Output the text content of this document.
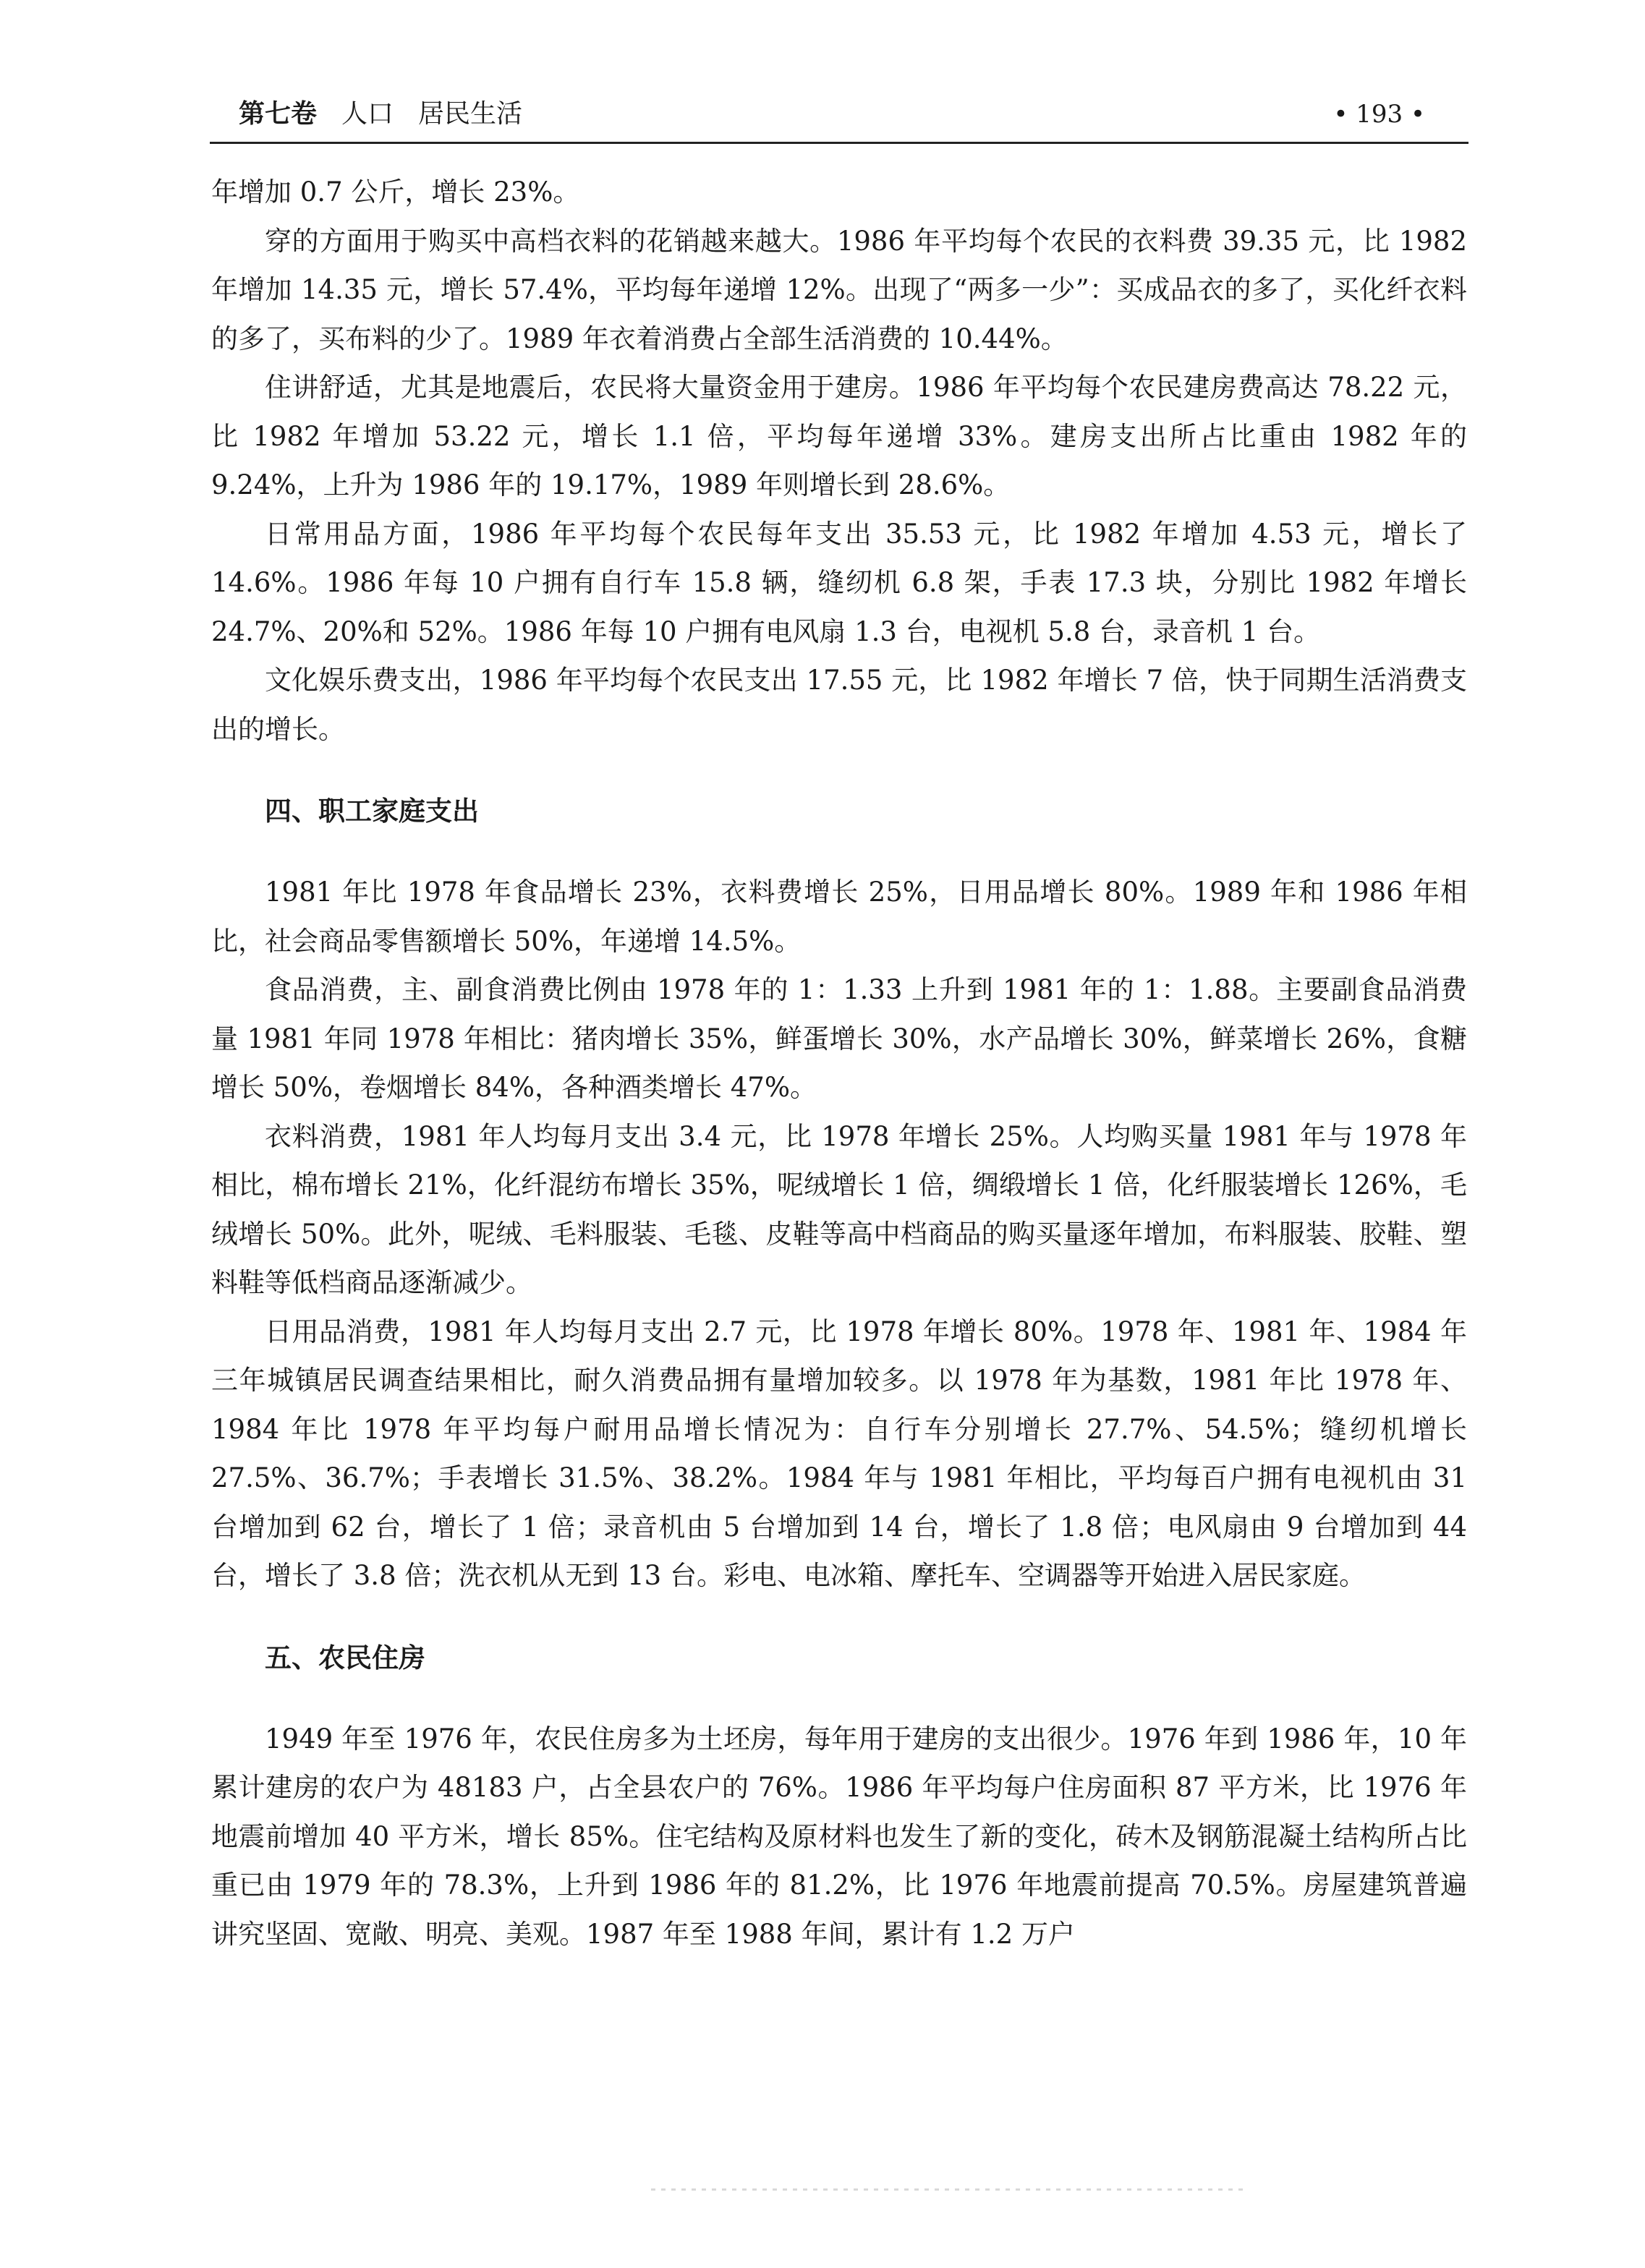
第七卷 人口 居民生活	• 193 •

年增加 0.7 公斤，增长 23%。

穿的方面用于购买中高档衣料的花销越来越大。1986 年平均每个农民的衣料费 39.35 元，比 1982 年增加 14.35 元，增长 57.4%，平均每年递增 12%。出现了“两多一少”：买成品衣的多了，买化纤衣料的多了，买布料的少了。1989 年衣着消费占全部生活消费的 10.44%。

住讲舒适，尤其是地震后，农民将大量资金用于建房。1986 年平均每个农民建房费高达 78.22 元，比 1982 年增加 53.22 元，增长 1.1 倍，平均每年递增 33%。建房支出所占比重由 1982 年的 9.24%，上升为 1986 年的 19.17%，1989 年则增长到 28.6%。

日常用品方面，1986 年平均每个农民每年支出 35.53 元，比 1982 年增加 4.53 元，增长了 14.6%。1986 年每 10 户拥有自行车 15.8 辆，缝纫机 6.8 架，手表 17.3 块，分别比 1982 年增长 24.7%、20%和 52%。1986 年每 10 户拥有电风扇 1.3 台，电视机 5.8 台，录音机 1 台。

文化娱乐费支出，1986 年平均每个农民支出 17.55 元，比 1982 年增长 7 倍，快于同期生活消费支出的增长。

四、职工家庭支出

1981 年比 1978 年食品增长 23%，衣料费增长 25%，日用品增长 80%。1989 年和 1986 年相比，社会商品零售额增长 50%，年递增 14.5%。

食品消费，主、副食消费比例由 1978 年的 1：1.33 上升到 1981 年的 1：1.88。主要副食品消费量 1981 年同 1978 年相比：猪肉增长 35%，鲜蛋增长 30%，水产品增长 30%，鲜菜增长 26%，食糖增长 50%，卷烟增长 84%，各种酒类增长 47%。

衣料消费，1981 年人均每月支出 3.4 元，比 1978 年增长 25%。人均购买量 1981 年与 1978 年相比，棉布增长 21%，化纤混纺布增长 35%，呢绒增长 1 倍，绸缎增长 1 倍，化纤服装增长 126%，毛绒增长 50%。此外，呢绒、毛料服装、毛毯、皮鞋等高中档商品的购买量逐年增加，布料服装、胶鞋、塑料鞋等低档商品逐渐减少。

日用品消费，1981 年人均每月支出 2.7 元，比 1978 年增长 80%。1978 年、1981 年、1984 年三年城镇居民调查结果相比，耐久消费品拥有量增加较多。以 1978 年为基数，1981 年比 1978 年、1984 年比 1978 年平均每户耐用品增长情况为：自行车分别增长 27.7%、54.5%；缝纫机增长 27.5%、36.7%；手表增长 31.5%、38.2%。1984 年与 1981 年相比，平均每百户拥有电视机由 31 台增加到 62 台，增长了 1 倍；录音机由 5 台增加到 14 台，增长了 1.8 倍；电风扇由 9 台增加到 44 台，增长了 3.8 倍；洗衣机从无到 13 台。彩电、电冰箱、摩托车、空调器等开始进入居民家庭。

五、农民住房

1949 年至 1976 年，农民住房多为土坯房，每年用于建房的支出很少。1976 年到 1986 年，10 年累计建房的农户为 48183 户，占全县农户的 76%。1986 年平均每户住房面积 87 平方米，比 1976 年地震前增加 40 平方米，增长 85%。住宅结构及原材料也发生了新的变化，砖木及钢筋混凝土结构所占比重已由 1979 年的 78.3%，上升到 1986 年的 81.2%，比 1976 年地震前提高 70.5%。房屋建筑普遍讲究坚固、宽敞、明亮、美观。1987 年至 1988 年间，累计有 1.2 万户
